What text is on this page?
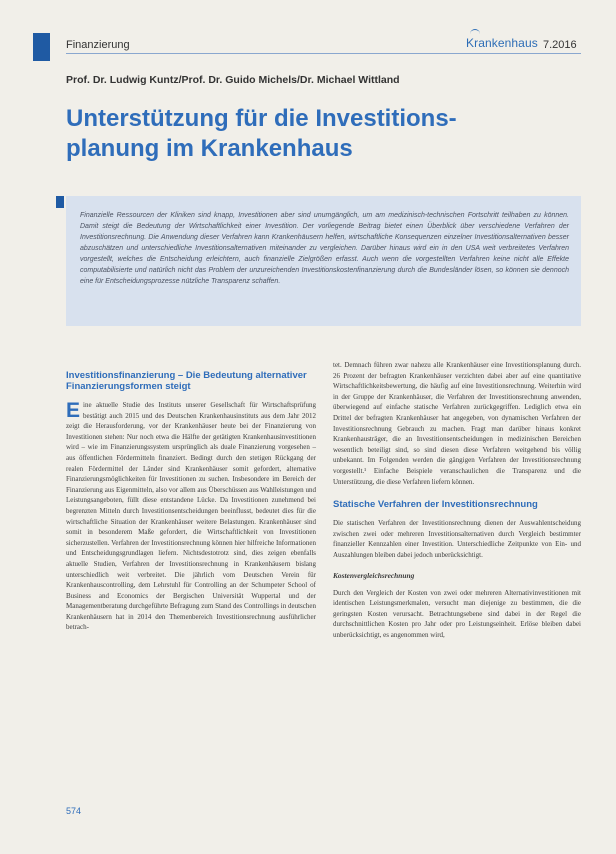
Finanzierung	Krankenhaus 7.2016
Prof. Dr. Ludwig Kuntz/Prof. Dr. Guido Michels/Dr. Michael Wittland
Unterstützung für die Investitions-
planung im Krankenhaus

Finanzielle Ressourcen der Kliniken sind knapp, Investitionen aber sind unumgänglich, um am medizinisch-technischen Fortschritt teilhaben zu können. Damit steigt die Bedeutung der Wirtschaftlichkeit einer Investition. Der vorliegende Beitrag bietet einen Überblick über verschiedene Verfahren der Investitionsrechnung. Die Anwendung dieser Verfahren kann Krankenhäusern helfen, wirtschaftliche Konsequenzen einzelner Investitionsalternativen besser abzuschätzen und unterschiedliche Investitionsalternativen miteinander zu vergleichen. Darüber hinaus wird ein in den USA weit verbreitetes Verfahren vorgestellt, welches die Entscheidung erleichtern, auch finanzielle Zielgrößen erfasst. Auch wenn die vorgestellten Verfahren keine nicht alle Effekte computabilisierte und natürlich nicht das Problem der unzureichenden Investitionskostenfinanzierung durch die Bundesländer lösen, so können sie dennoch eine für Entscheidungsprozesse nützliche Transparenz schaffen.

Investitionsfinanzierung – Die Bedeutung alternativer Finanzierungsformen steigt

E ine aktuelle Studie des Instituts unserer Gesellschaft für Wirtschaftsprüfung bestätigt auch 2015 und des Deutschen Krankenhausinstituts aus dem Jahr 2012 zeigt die Herausforderung, vor der Krankenhäuser heute bei der Finanzierung von Investitionen stehen: Nur noch etwa die Hälfte der getätigten Krankenhausinvestitionen wird – wie im Finanzierungssystem ursprünglich als duale Finanzierung vorgesehen – aus öffentlichen Fördermitteln finanziert. Bedingt durch den stetigen Rückgang der realen Fördermittel der Länder sind Krankenhäuser somit gefordert, alternative Finanzierungsmöglichkeiten für Investitionen zu suchen. Insbesondere im Bereich der Finanzierung aus Eigenmitteln, also vor allem aus Überschüssen aus Wahlleistungen und Leistungsangeboten, füllt diese entstandene Lücke. Da Investitionen zunehmend bei begrenzten Mitteln durch Investitionsentscheidungen beeinflusst, bedeutet dies für die wirtschaftliche Situation der Krankenhäuser weitere Belastungen. Krankenhäuser sind somit in besonderem Maße gefordert, die Wirtschaftlichkeit von Investitionen sicherzustellen. Verfahren der Investitionsrechnung können hier hilfreiche Informationen und Entscheidungsgrundlagen liefern. Nichtsdestotrotz sind, dies zeigen ebenfalls aktuelle Studien, Verfahren der Investitionsrechnung in Krankenhäusern bislang unterschiedlich weit verbreitet. Die jährlich vom Deutschen Verein für Krankenhauscontrolling, dem Lehrstuhl für Controlling an der Schumpeter School of Business and Economics der Bergischen Universität Wuppertal und der Managementberatung durchgeführte Befragung zum Stand des Controllings in deutschen Krankenhäusern hat in 2014 den Themenbereich Investitionsrechnung ausführlicher betrach-

tet. Demnach führen zwar nahezu alle Krankenhäuser eine Investitionsplanung durch. 26 Prozent der befragten Krankenhäuser verzichten dabei aber auf eine quantitative Wirtschaftlichkeitsbewertung, die häufig auf eine Investitionsrechnung. Weiterhin wird in der Gruppe der Krankenhäuser, die Verfahren der Investitionsrechnung anwenden, überwiegend auf einfache statische Verfahren zurückgegriffen. Lediglich etwa ein Drittel der befragten Krankenhäuser hat angegeben, von dynamischen Verfahren der Investitionsrechnung Gebrauch zu machen. Fragt man darüber hinaus konkret Krankenhausträger, die an Investitionsentscheidungen in medizinischen Bereichen wesentlich beteiligt sind, so sind diesen diese Verfahren weitgehend bis völlig unbekannt. Im Folgenden werden die gängigen Verfahren der Investitionsrechnung vorgestellt.¹ Einfache Beispiele veranschaulichen die Transparenz und die Unterstützung, die diese Verfahren liefern können.

Statische Verfahren der Investitionsrechnung

Die statischen Verfahren der Investitionsrechnung dienen der Auswahlentscheidung zwischen zwei oder mehreren Investitionsalternativen durch Vergleich bestimmter finanzieller Kennzahlen einer Investition. Unterschiedliche Zeitpunkte von Ein- und Auszahlungen bleiben dabei jedoch unberücksichtigt.

Kostenvergleichsrechnung

Durch den Vergleich der Kosten von zwei oder mehreren Alternativinvestitionen mit identischen Leistungsmerkmalen, versucht man diejenige zu bestimmen, die die geringsten Kosten verursacht. Betrachtungsebene sind dabei in der Regel die durchschnittlichen Kosten pro Jahr oder pro Leistungseinheit. Erlöse bleiben dabei unberücksichtigt, es angenommen wird,

574
